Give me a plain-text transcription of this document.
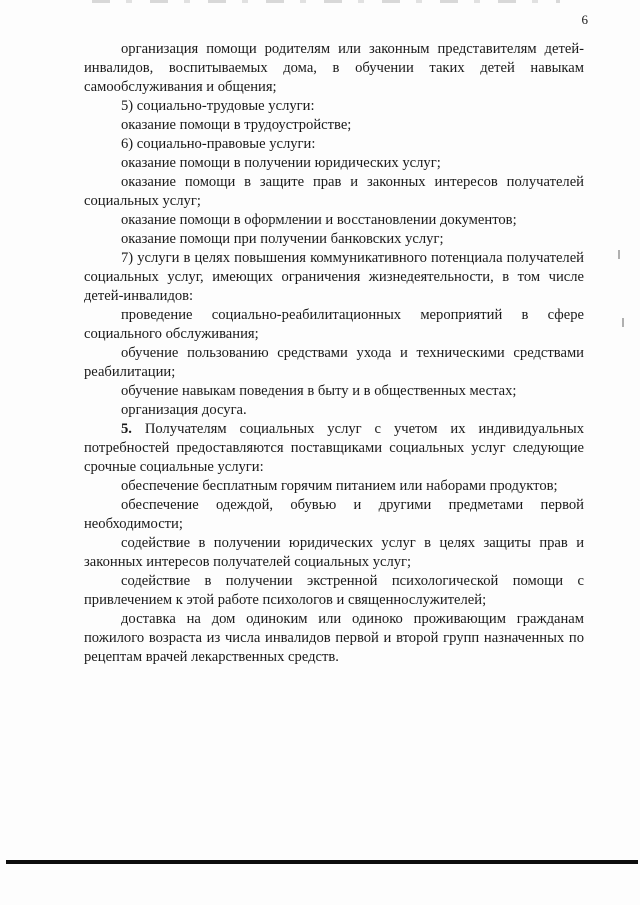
6

организация помощи родителям или законным представителям детей-инвалидов, воспитываемых дома, в обучении таких детей навыкам самообслуживания и общения;

5) социально-трудовые услуги:

оказание помощи в трудоустройстве;

6) социально-правовые услуги:

оказание помощи в получении юридических услуг;

оказание помощи в защите прав и законных интересов получателей социальных услуг;

оказание помощи в оформлении и восстановлении документов;

оказание помощи при получении банковских услуг;

7) услуги в целях повышения коммуникативного потенциала получателей социальных услуг, имеющих ограничения жизнедеятельности, в том числе детей-инвалидов:

проведение социально-реабилитационных мероприятий в сфере социального обслуживания;

обучение пользованию средствами ухода и техническими средствами реабилитации;

обучение навыкам поведения в быту и в общественных местах;

организация досуга.

5. Получателям социальных услуг с учетом их индивидуальных потребностей предоставляются поставщиками социальных услуг следующие срочные социальные услуги:

обеспечение бесплатным горячим питанием или наборами продуктов;

обеспечение одеждой, обувью и другими предметами первой необходимости;

содействие в получении юридических услуг в целях защиты прав и законных интересов получателей социальных услуг;

содействие в получении экстренной психологической помощи с привлечением к этой работе психологов и священнослужителей;

доставка на дом одиноким или одиноко проживающим гражданам пожилого возраста из числа инвалидов первой и второй групп назначенных по рецептам врачей лекарственных средств.
